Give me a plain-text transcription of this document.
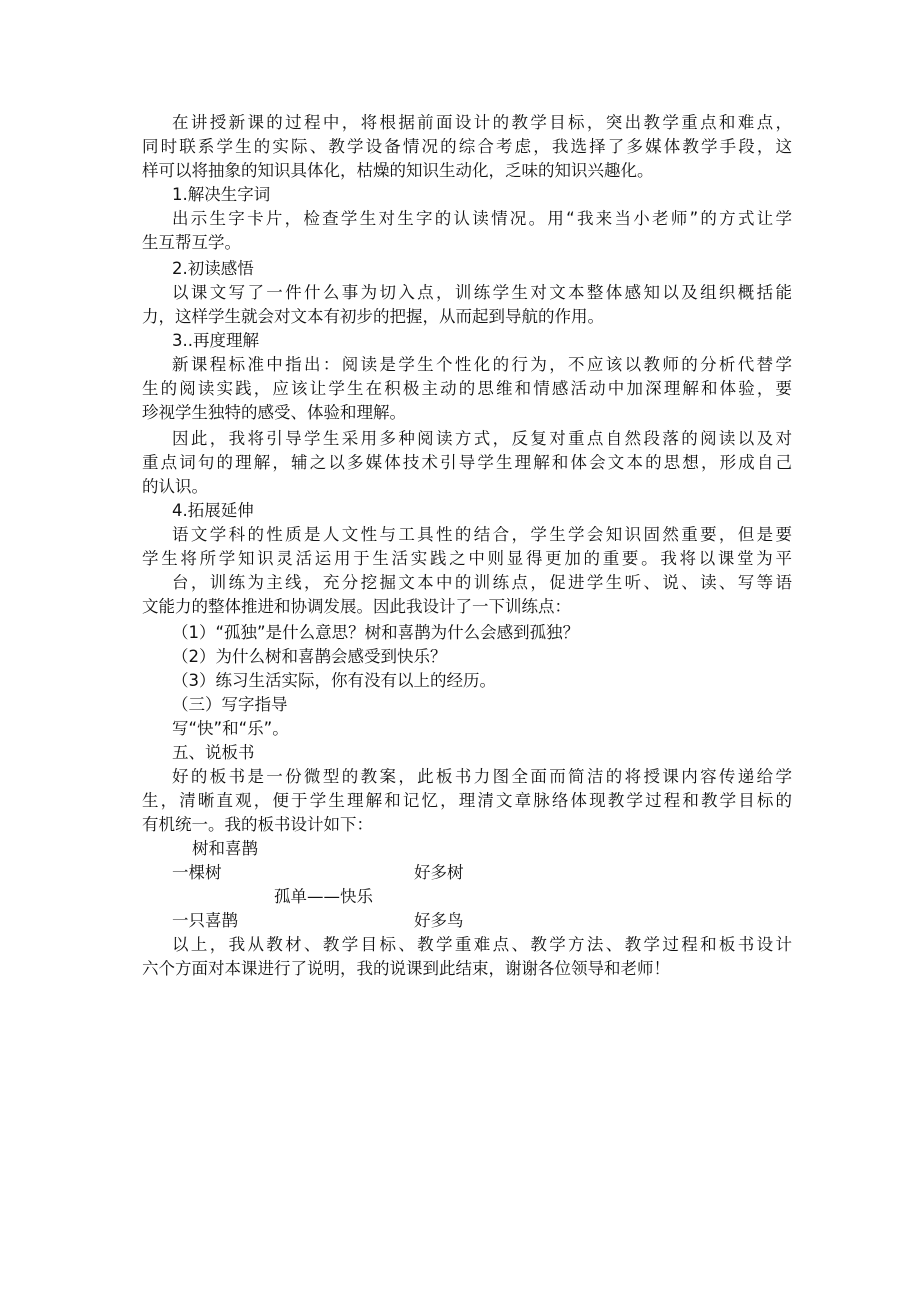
在讲授新课的过程中，将根据前面设计的教学目标，突出教学重点和难点，

同时联系学生的实际、教学设备情况的综合考虑，我选择了多媒体教学手段，这

样可以将抽象的知识具体化，枯燥的知识生动化，乏味的知识兴趣化。

1.解决生字词

出示生字卡片，检查学生对生字的认读情况。用“我来当小老师”的方式让学

生互帮互学。

2.初读感悟

以课文写了一件什么事为切入点，训练学生对文本整体感知以及组织概括能

力，这样学生就会对文本有初步的把握，从而起到导航的作用。

3..再度理解

新课程标准中指出：阅读是学生个性化的行为，不应该以教师的分析代替学

生的阅读实践，应该让学生在积极主动的思维和情感活动中加深理解和体验，要

珍视学生独特的感受、体验和理解。

因此，我将引导学生采用多种阅读方式，反复对重点自然段落的阅读以及对

重点词句的理解，辅之以多媒体技术引导学生理解和体会文本的思想，形成自己

的认识。

4.拓展延伸

语文学科的性质是人文性与工具性的结合，学生学会知识固然重要，但是要

学生将所学知识灵活运用于生活实践之中则显得更加的重要。我将以课堂为平

台，训练为主线，充分挖掘文本中的训练点，促进学生听、说、读、写等语

文能力的整体推进和协调发展。因此我设计了一下训练点：

（1）“孤独”是什么意思？树和喜鹊为什么会感到孤独？

（2）为什么树和喜鹊会感受到快乐？

（3）练习生活实际，你有没有以上的经历。

（三）写字指导

写“快”和“乐”。

五、说板书

好的板书是一份微型的教案，此板书力图全面而简洁的将授课内容传递给学

生，清晰直观，便于学生理解和记忆，理清文章脉络体现教学过程和教学目标的

有机统一。我的板书设计如下：

树和喜鹊

一棵树	好多树

孤单——快乐

一只喜鹊	好多鸟

以上，我从教材、教学目标、教学重难点、教学方法、教学过程和板书设计

六个方面对本课进行了说明，我的说课到此结束，谢谢各位领导和老师！
